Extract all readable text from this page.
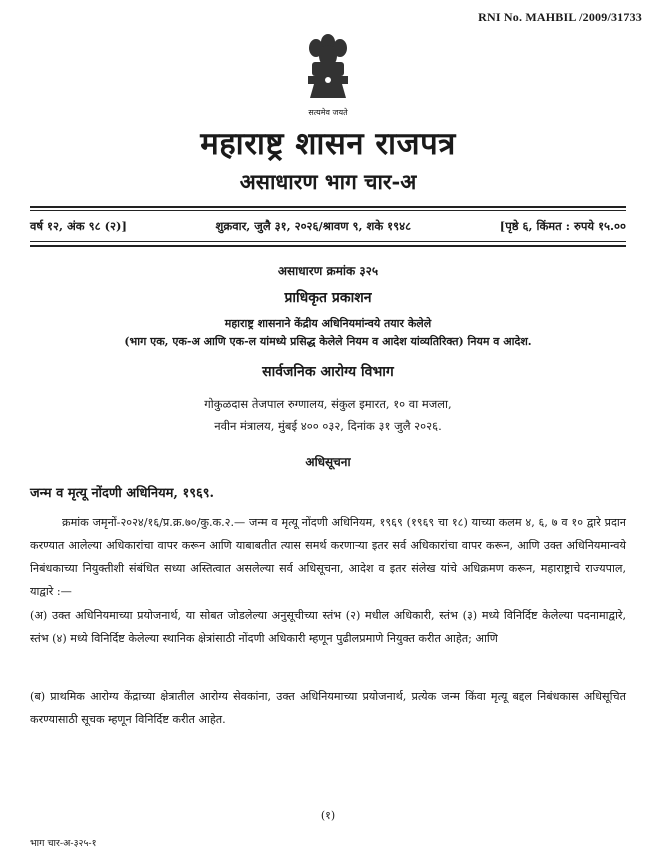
RNI No. MAHBIL /2009/31733
सत्यमेव जयते
महाराष्ट्र शासन राजपत्र
असाधारण भाग चार-अ
वर्ष १२, अंक ९८ (२)]	शुक्रवार, जुलै ३१, २०२६/श्रावण ९, शके १९४८	[पृष्ठे ६, किंमत : रुपये १५.००
असाधारण क्रमांक ३२५
प्राधिकृत प्रकाशन
महाराष्ट्र शासनाने केंद्रीय अधिनियमांन्वये तयार केलेले
(भाग एक, एक-अ आणि एक-ल यांमध्ये प्रसिद्ध केलेले नियम व आदेश यांव्यतिरिक्त) नियम व आदेश.
सार्वजनिक आरोग्य विभाग
गोकुळदास तेजपाल रुग्णालय, संकुल इमारत, १० वा मजला,
नवीन मंत्रालय, मुंबई ४०० ०३२, दिनांक ३१ जुलै २०२६.
अधिसूचना
जन्म व मृत्यू नोंदणी अधिनियम, १९६९.
क्रमांक जमृनों-२०२४/१६/प्र.क्र.७०/कु.क.२.— जन्म व मृत्यू नोंदणी अधिनियम, १९६९ (१९६९ चा १८) याच्या कलम ४, ६, ७ व १० द्वारे प्रदान करण्यात आलेल्या अधिकारांचा वापर करून आणि याबाबतीत त्यास समर्थ करणाऱ्या इतर सर्व अधिकारांचा वापर करून, आणि उक्त अधिनियमान्वये निबंधकाच्या नियुक्तीशी संबंधित सध्या अस्तित्वात असलेल्या सर्व अधिसूचना, आदेश व इतर संलेख यांचे अधिक्रमण करून, महाराष्ट्राचे राज्यपाल, याद्वारे :—
(अ) उक्त अधिनियमाच्या प्रयोजनार्थ, या सोबत जोडलेल्या अनुसूचीच्या स्तंभ (२) मधील अधिकारी, स्तंभ (३) मध्ये विनिर्दिष्ट केलेल्या पदनामाद्वारे, स्तंभ (४) मध्ये विनिर्दिष्ट केलेल्या स्थानिक क्षेत्रांसाठी नोंदणी अधिकारी म्हणून पुढीलप्रमाणे नियुक्त करीत आहेत; आणि
(ब) प्राथमिक आरोग्य केंद्राच्या क्षेत्रातील आरोग्य सेवकांना, उक्त अधिनियमाच्या प्रयोजनार्थ, प्रत्येक जन्म किंवा मृत्यू बद्दल निबंधकास अधिसूचित करण्यासाठी सूचक म्हणून विनिर्दिष्ट करीत आहेत.
(१)
भाग चार-अ-३२५-१
